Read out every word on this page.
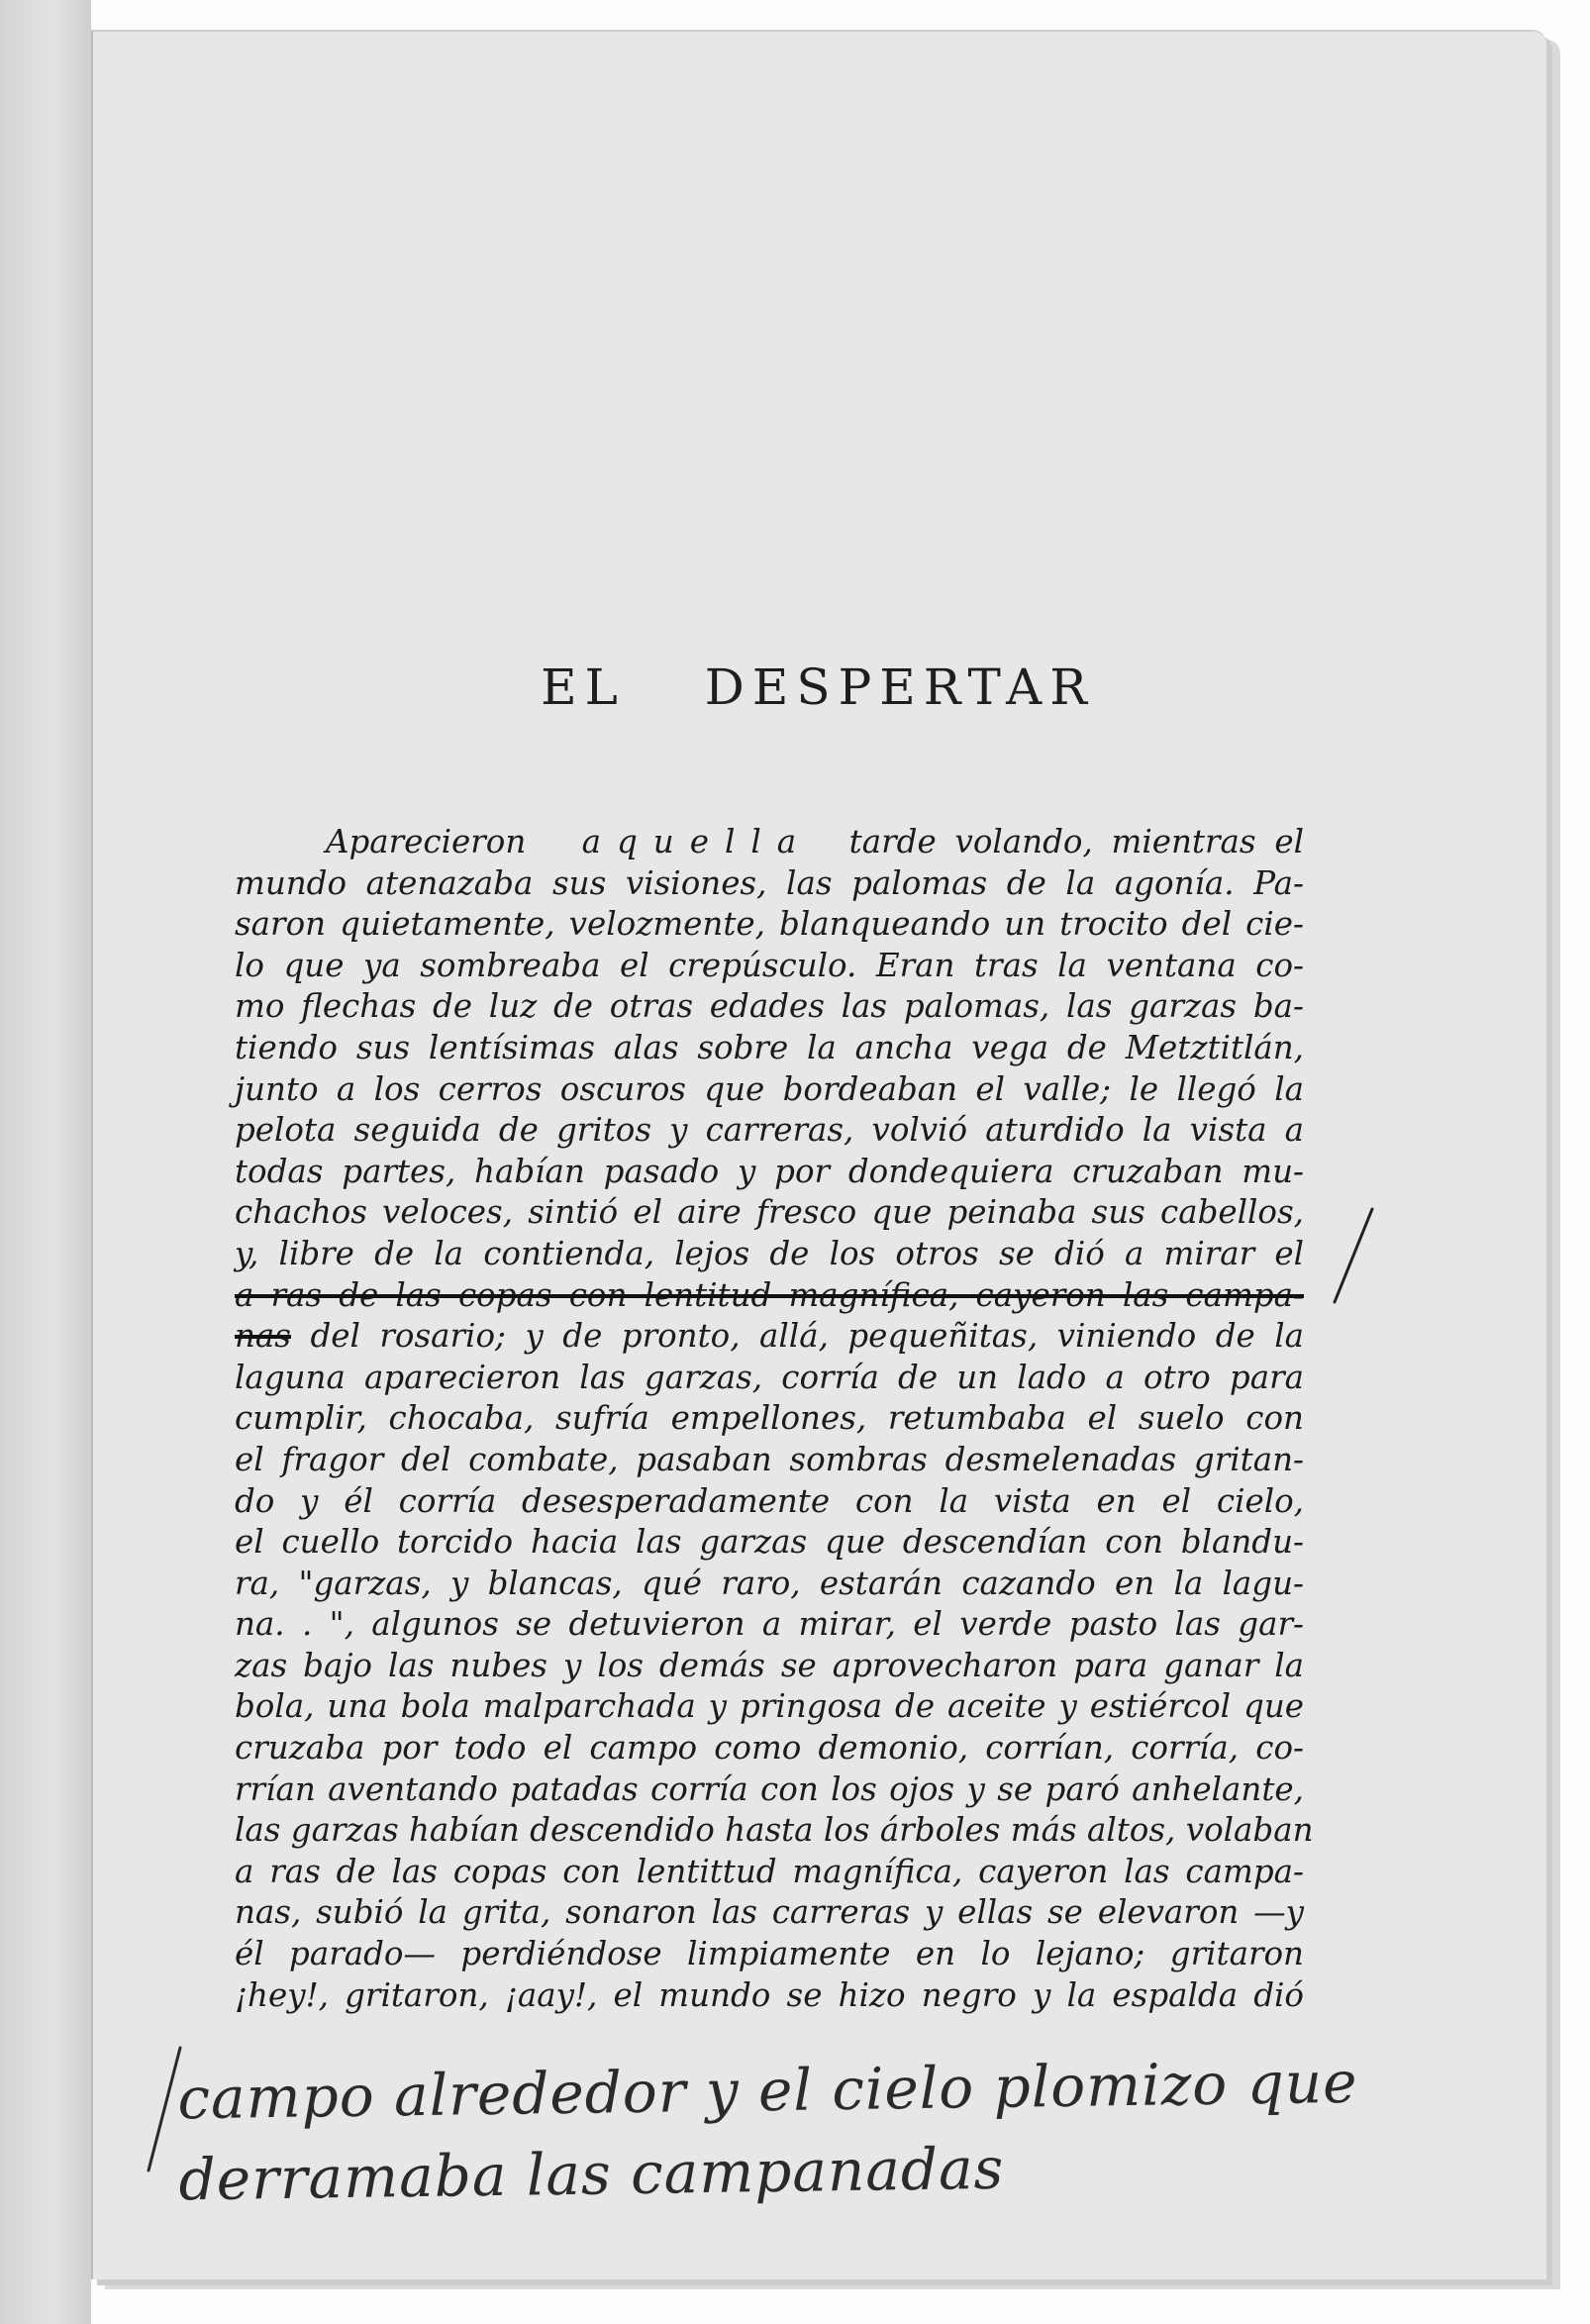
EL DESPERTAR
Aparecieron aquella tarde volando, mientras el
mundo atenazaba sus visiones, las palomas de la agonía. Pa-
saron quietamente, velozmente, blanqueando un trocito del cie-
lo que ya sombreaba el crepúsculo. Eran tras la ventana co-
mo flechas de luz de otras edades las palomas, las garzas ba-
tiendo sus lentísimas alas sobre la ancha vega de Metztitlán,
junto a los cerros oscuros que bordeaban el valle; le llegó la
pelota seguida de gritos y carreras, volvió aturdido la vista a
todas partes, habían pasado y por dondequiera cruzaban mu-
chachos veloces, sintió el aire fresco que peinaba sus cabellos,
y, libre de la contienda, lejos de los otros se dió a mirar el
a ras de las copas con lentitud magnífica, cayeron las campa-
nas del rosario; y de pronto, allá, pequeñitas, viniendo de la
laguna aparecieron las garzas, corría de un lado a otro para
cumplir, chocaba, sufría empellones, retumbaba el suelo con
el fragor del combate, pasaban sombras desmelenadas gritan-
do y él corría desesperadamente con la vista en el cielo,
el cuello torcido hacia las garzas que descendían con blandu-
ra, "garzas, y blancas, qué raro, estarán cazando en la lagu-
na. . ", algunos se detuvieron a mirar, el verde pasto las gar-
zas bajo las nubes y los demás se aprovecharon para ganar la
bola, una bola malparchada y pringosa de aceite y estiércol que
cruzaba por todo el campo como demonio, corrían, corría, co-
rrían aventando patadas corría con los ojos y se paró anhelante,
las garzas habían descendido hasta los árboles más altos, volaban
a ras de las copas con lentittud magnífica, cayeron las campa-
nas, subió la grita, sonaron las carreras y ellas se elevaron —y
él parado— perdiéndose limpiamente en lo lejano; gritaron
¡hey!, gritaron, ¡aay!, el mundo se hizo negro y la espalda dió
campo alrededor y el cielo plomizo que
derramaba las campanadas
